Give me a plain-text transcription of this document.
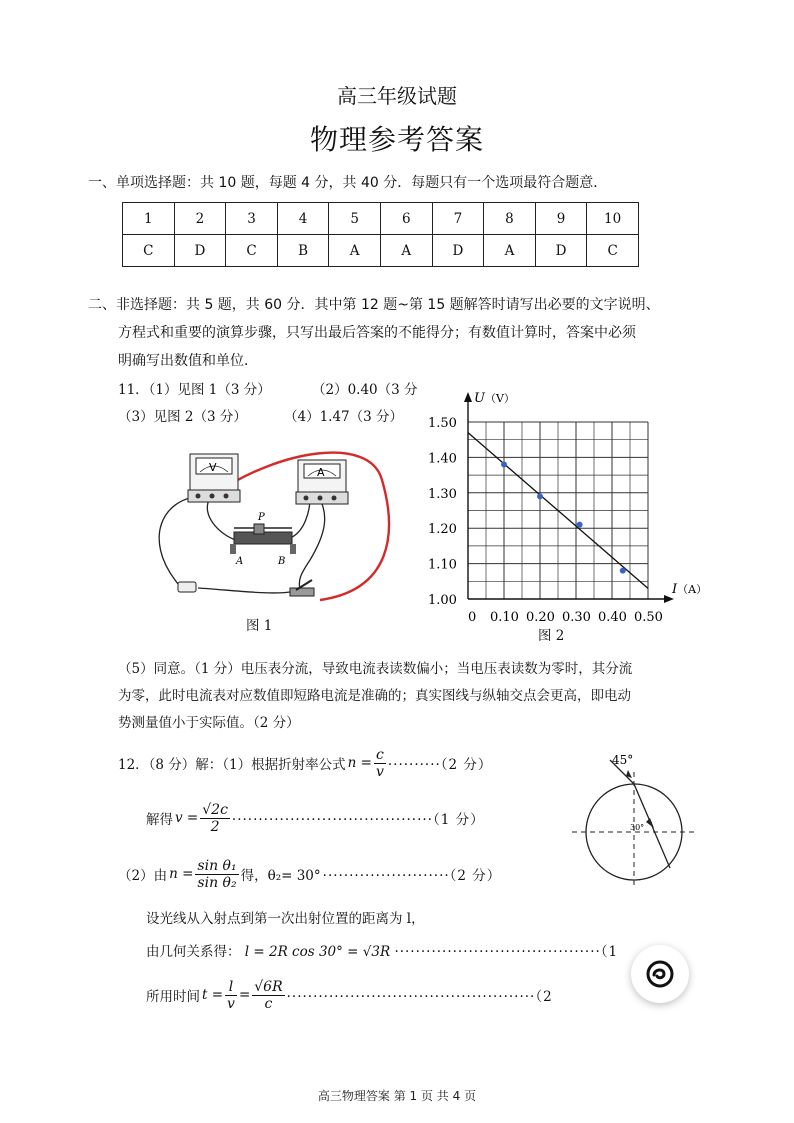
高三年级试题
物理参考答案
一、单项选择题：共 10 题，每题 4 分，共 40 分．每题只有一个选项最符合题意．
1	2	3	4	5	6	7	8	9	10
C	D	C	B	A	A	D	A	D	C
二、非选择题：共 5 题，共 60 分．其中第 12 题~第 15 题解答时请写出必要的文字说明、
方程式和重要的演算步骤，只写出最后答案的不能得分；有数值计算时，答案中必须
明确写出数值和单位．
11．（1）见图 1（3 分）	（2）0.40（3 分
（3）见图 2（3 分）	（4）1.47（3 分）
V	A
P
A	B
图 1
1.00
1.10
1.20
1.30
1.40
1.50
0 0.10 0.20 0.30 0.40 0.50
U（V）
I（A）
图 2
（5）同意。（1 分）电压表分流，导致电流表读数偏小；当电压表读数为零时，其分流
为零，此时电流表对应数值即短路电流是准确的；真实图线与纵轴交点会更高，即电动
势测量值小于实际值。（2 分）
12．（8 分）解：（1）根据折射率公式 $n = \frac{c}{v} \cdot\cdot\cdot\cdot\cdot\cdot\cdot\cdot\cdot\cdot(2$ 分）
解得 $v = \frac{√2c}{2} \cdot\cdot\cdot\cdot\cdot\cdot\cdot\cdot\cdot\cdot\cdot\cdot\cdot\cdot\cdot\cdot\cdot\cdot\cdot\cdot\cdot\cdot\cdot\cdot\cdot\cdot\cdot\cdot\cdot\cdot\cdot\cdot\cdot\cdot\cdot\cdot\cdot\cdot(1$ 分）
（2）由 $n = \frac{\text{sin θ₁}}{\text{sin θ₂}}$ 得，θ₂= 30° ························（2 分）
设光线从入射点到第一次出射位置的距离为 l，
由几何关系得： l = 2R cos 30° = √3R ·······································（1
所用时间 $t = \frac{l}{v} = \frac{√6R}{c} \cdot\cdot\cdot\cdot\cdot\cdot\cdot\cdot\cdot\cdot\cdot\cdot\cdot\cdot\cdot\cdot\cdot\cdot\cdot\cdot\cdot\cdot\cdot\cdot\cdot\cdot\cdot\cdot\cdot\cdot\cdot\cdot\cdot\cdot\cdot\cdot\cdot\cdot\cdot\cdot\cdot\cdot\cdot\cdot\cdot\cdot\cdot(2$
45°
30°
高三物理答案 第 1 页 共 4 页
